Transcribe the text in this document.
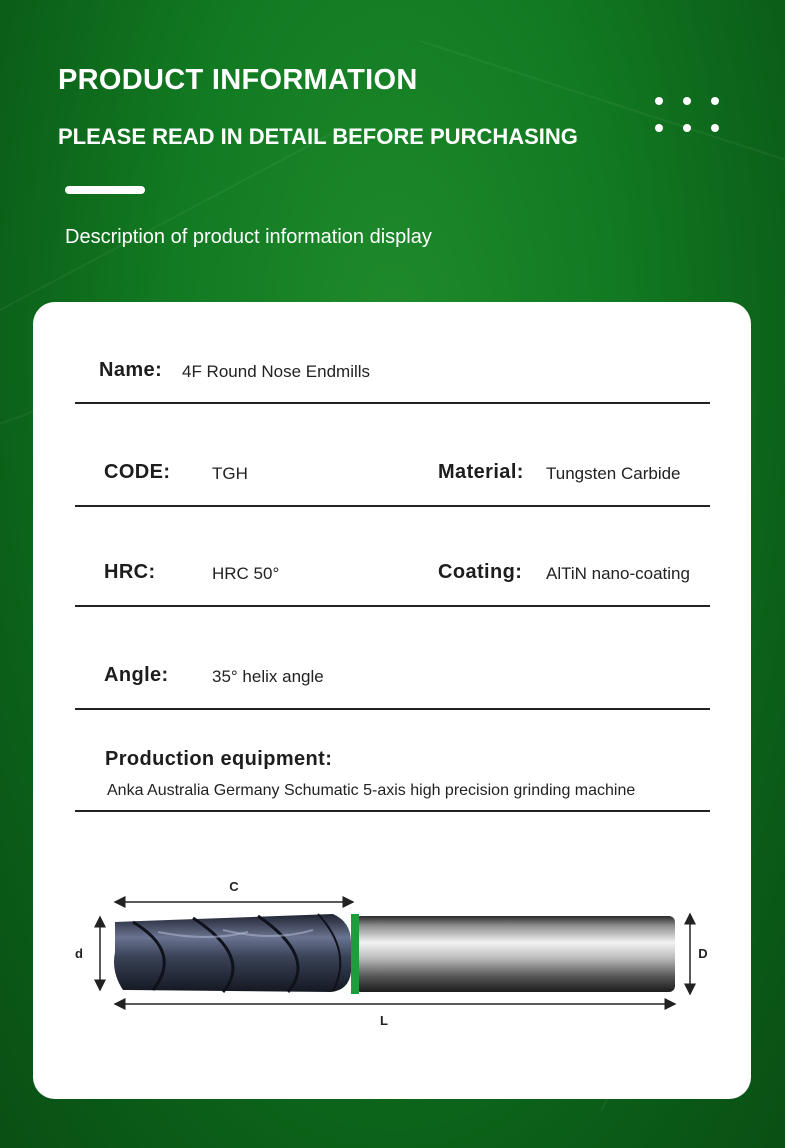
PRODUCT INFORMATION
PLEASE READ IN DETAIL BEFORE PURCHASING
Description of product information display
Name: 4F Round Nose Endmills
CODE: TGH	Material: Tungsten Carbide
HRC:	HRC 50°	Coating: AlTiN nano-coating
Angle:	35° helix angle
Production equipment:
Anka Australia Germany Schumatic 5-axis high precision grinding machine
C
d	D
L
